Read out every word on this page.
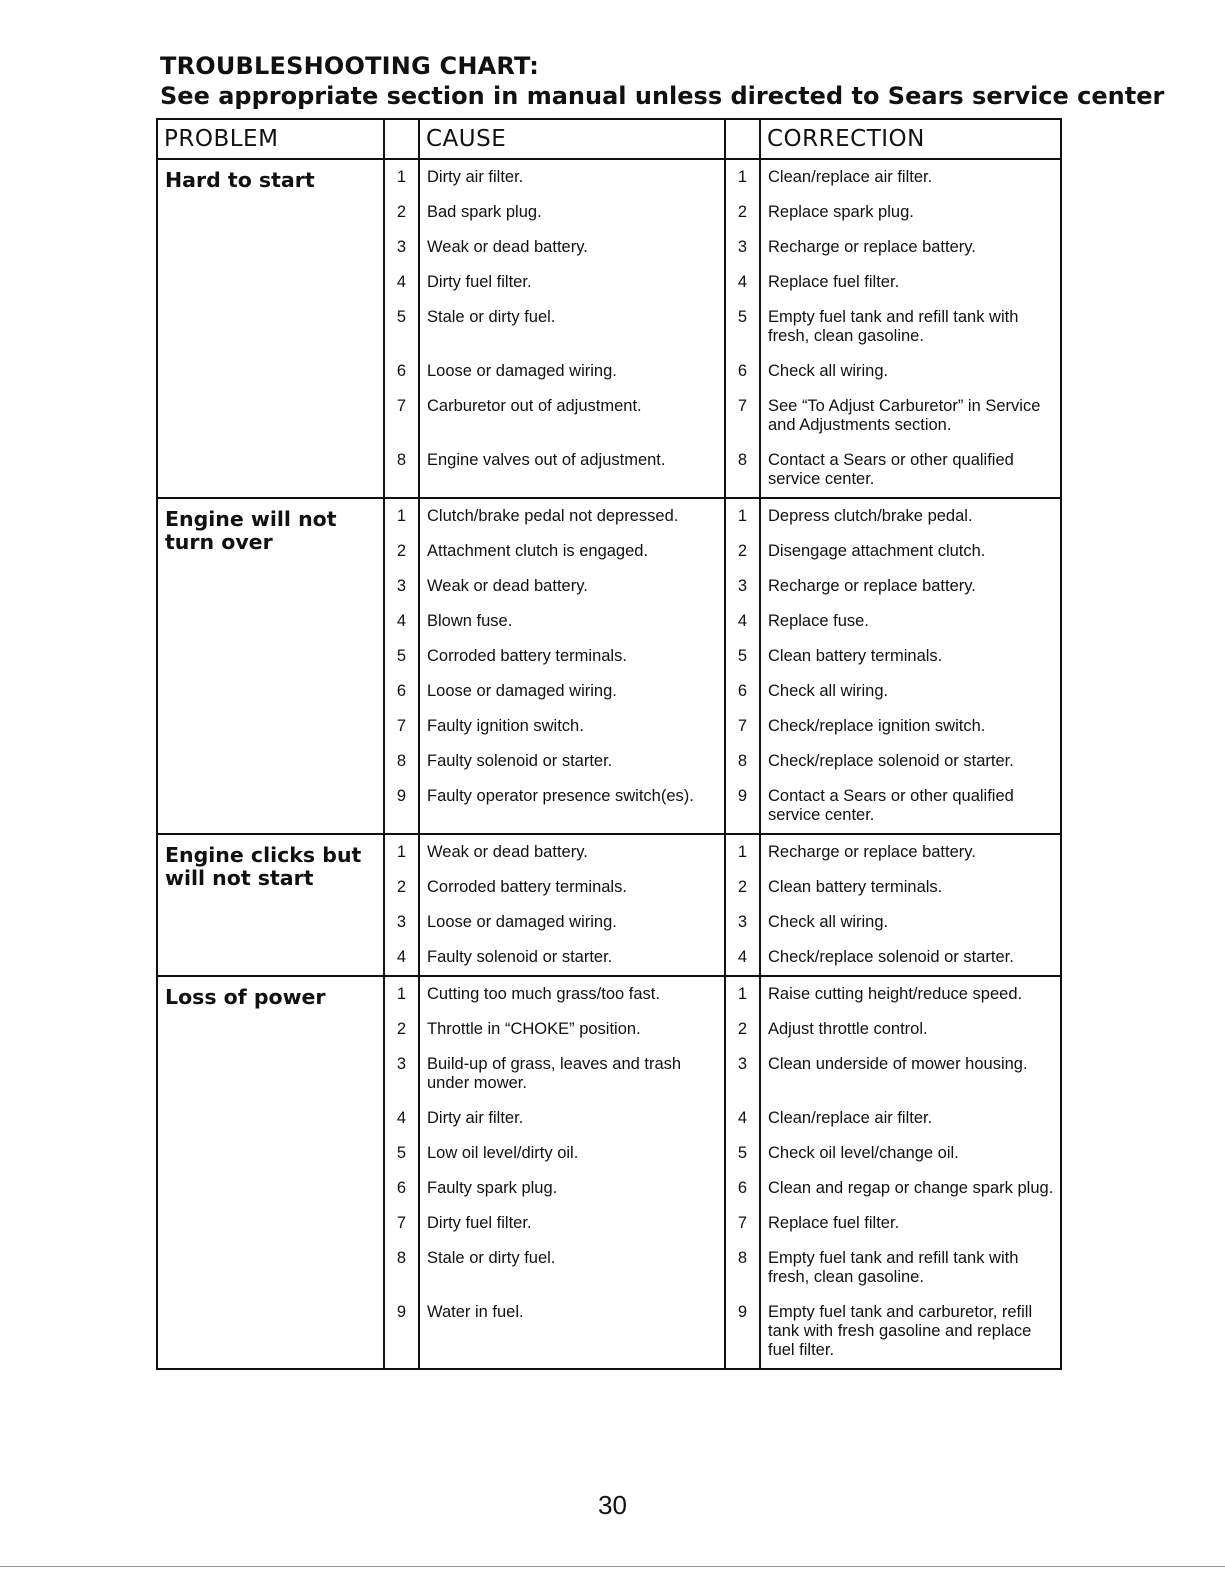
TROUBLESHOOTING CHART:
See appropriate section in manual unless directed to Sears service center
PROBLEM		CAUSE		CORRECTION
Hard to start	1	Dirty air filter.	1	Clean/replace air filter.
	2	Bad spark plug.	2	Replace spark plug.
	3	Weak or dead battery.	3	Recharge or replace battery.
	4	Dirty fuel filter.	4	Replace fuel filter.
	5	Stale or dirty fuel.	5	Empty fuel tank and refill tank with fresh, clean gasoline.
	6	Loose or damaged wiring.	6	Check all wiring.
	7	Carburetor out of adjustment.	7	See “To Adjust Carburetor” in Service and Adjustments section.
	8	Engine valves out of adjustment.	8	Contact a Sears or other qualified service center.
Engine will not turn over	1	Clutch/brake pedal not depressed.	1	Depress clutch/brake pedal.
	2	Attachment clutch is engaged.	2	Disengage attachment clutch.
	3	Weak or dead battery.	3	Recharge or replace battery.
	4	Blown fuse.	4	Replace fuse.
	5	Corroded battery terminals.	5	Clean battery terminals.
	6	Loose or damaged wiring.	6	Check all wiring.
	7	Faulty ignition switch.	7	Check/replace ignition switch.
	8	Faulty solenoid or starter.	8	Check/replace solenoid or starter.
	9	Faulty operator presence switch(es).	9	Contact a Sears or other qualified service center.
Engine clicks but will not start	1	Weak or dead battery.	1	Recharge or replace battery.
	2	Corroded battery terminals.	2	Clean battery terminals.
	3	Loose or damaged wiring.	3	Check all wiring.
	4	Faulty solenoid or starter.	4	Check/replace solenoid or starter.
Loss of power	1	Cutting too much grass/too fast.	1	Raise cutting height/reduce speed.
	2	Throttle in “CHOKE” position.	2	Adjust throttle control.
	3	Build-up of grass, leaves and trash under mower.	3	Clean underside of mower housing.
	4	Dirty air filter.	4	Clean/replace air filter.
	5	Low oil level/dirty oil.	5	Check oil level/change oil.
	6	Faulty spark plug.	6	Clean and regap or change spark plug.
	7	Dirty fuel filter.	7	Replace fuel filter.
	8	Stale or dirty fuel.	8	Empty fuel tank and refill tank with fresh, clean gasoline.
	9	Water in fuel.	9	Empty fuel tank and carburetor, refill tank with fresh gasoline and replace fuel filter.
30
